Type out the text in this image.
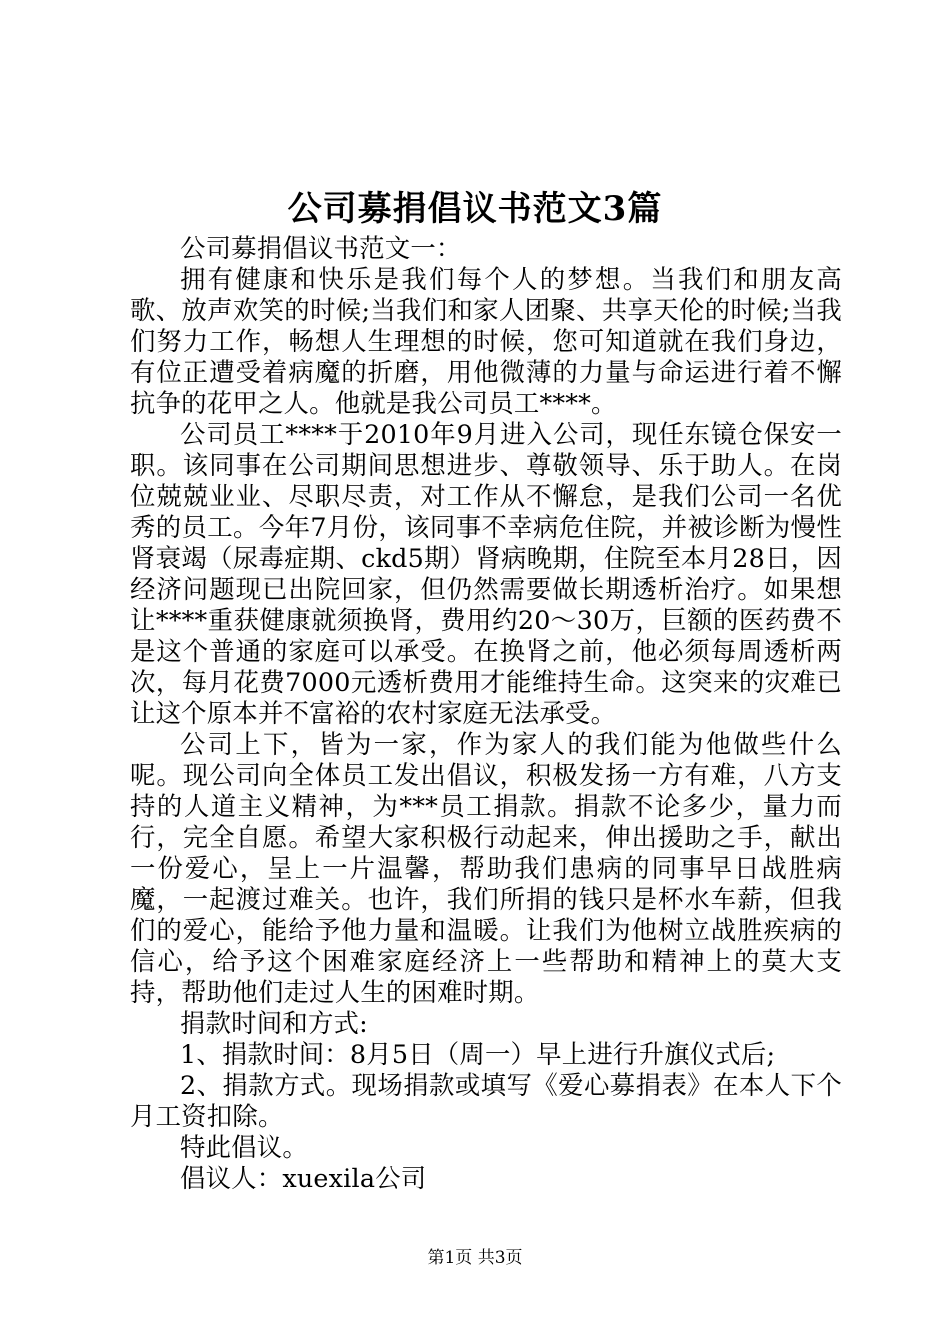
公司募捐倡议书范文3篇

公司募捐倡议书范文一：

拥有健康和快乐是我们每个人的梦想。当我们和朋友高歌、放声欢笑的时候;当我们和家人团聚、共享天伦的时候;当我们努力工作，畅想人生理想的时候，您可知道就在我们身边，有位正遭受着病魔的折磨，用他微薄的力量与命运进行着不懈抗争的花甲之人。他就是我公司员工****。

公司员工****于2010年9月进入公司，现任东镜仓保安一职。该同事在公司期间思想进步、尊敬领导、乐于助人。在岗位兢兢业业、尽职尽责，对工作从不懈怠，是我们公司一名优秀的员工。今年7月份，该同事不幸病危住院，并被诊断为慢性肾衰竭（尿毒症期、ckd5期）肾病晚期，住院至本月28日，因经济问题现已出院回家，但仍然需要做长期透析治疗。如果想让****重获健康就须换肾，费用约20～30万，巨额的医药费不是这个普通的家庭可以承受。在换肾之前，他必须每周透析两次，每月花费7000元透析费用才能维持生命。这突来的灾难已让这个原本并不富裕的农村家庭无法承受。

公司上下，皆为一家，作为家人的我们能为他做些什么呢。现公司向全体员工发出倡议，积极发扬一方有难，八方支持的人道主义精神，为***员工捐款。捐款不论多少，量力而行，完全自愿。希望大家积极行动起来，伸出援助之手，献出一份爱心，呈上一片温馨，帮助我们患病的同事早日战胜病魔，一起渡过难关。也许，我们所捐的钱只是杯水车薪，但我们的爱心，能给予他力量和温暖。让我们为他树立战胜疾病的信心，给予这个困难家庭经济上一些帮助和精神上的莫大支持，帮助他们走过人生的困难时期。

捐款时间和方式:

1、捐款时间：8月5日（周一）早上进行升旗仪式后;

2、捐款方式。现场捐款或填写《爱心募捐表》在本人下个月工资扣除。

特此倡议。

倡议人：xuexila公司

第1页 共3页
